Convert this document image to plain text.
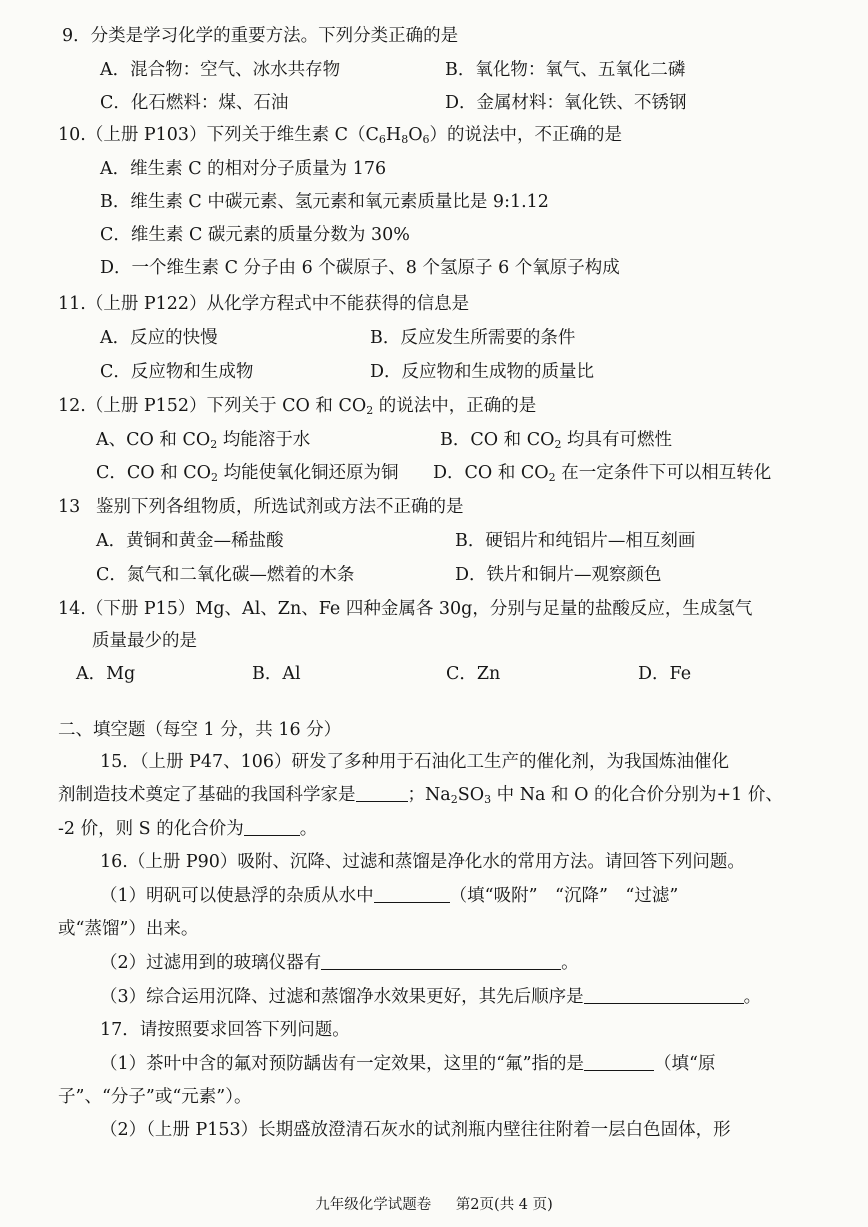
9．分类是学习化学的重要方法。下列分类正确的是
A．混合物：空气、冰水共存物	B．氧化物：氧气、五氧化二磷
C．化石燃料：煤、石油	D．金属材料：氧化铁、不锈钢
10.（上册 P103）下列关于维生素 $C(C_6H_8O_6)$的说法中，不正确的是
A．维生素 C 的相对分子质量为 176
B．维生素 C 中碳元素、氢元素和氧元素质量比是 9:1.12
C．维生素 C 碳元素的质量分数为 30%
D．一个维生素 C 分子由 6 个碳原子、8 个氢原子 6 个氧原子构成
11.（上册 P122）从化学方程式中不能获得的信息是
A．反应的快慢	B．反应发生所需要的条件
C．反应物和生成物	D．反应物和生成物的质量比
12.（上册 P152）下列关于 CO 和 $CO_2$ 的说法中，正确的是
A、CO 和 $CO_2$ 均能溶于水	B．CO 和 $CO_2$ 均具有可燃性
C．CO 和 $CO_2$ 均能使氧化铜还原为铜 D．CO 和 $CO_2$ 在一定条件下可以相互转化
13 鉴别下列各组物质，所选试剂或方法不正确的是
A．黄铜和黄金—稀盐酸	B．硬铝片和纯铝片—相互刻画
C．氮气和二氧化碳—燃着的木条	D．铁片和铜片—观察颜色
14.（下册 P15）Mg、Al、Zn、Fe 四种金属各 30g，分别与足量的盐酸反应，生成氢气
质量最少的是
A．Mg	B．Al	C．Zn	D．Fe
二、填空题（每空 1 分，共 16 分）
15．（上册 P47、106）研发了多种用于石油化工生产的催化剂，为我国炼油催化
剂制造技术奠定了基础的我国科学家是	；$Na_2SO_3$ 中 Na 和 O 的化合价分别为+1 价、
-2 价，则 S 的化合价为	。
16.（上册 P90）吸附、沉降、过滤和蒸馏是净化水的常用方法。请回答下列问题。
（1）明矾可以使悬浮的杂质从水中	（填“吸附”　“沉降”　“过滤”
或“蒸馏”）出来。
（2）过滤用到的玻璃仪器有	。
（3）综合运用沉降、过滤和蒸馏净水效果更好，其先后顺序是	。
17．请按照要求回答下列问题。
（1）茶叶中含的氟对预防龋齿有一定效果，这里的“氟”指的是	（填“原
子”、“分子”或“元素”）。
（2）（上册 P153）长期盛放澄清石灰水的试剂瓶内壁往往附着一层白色固体，形
九年级化学试题卷 第2页(共 4 页)
